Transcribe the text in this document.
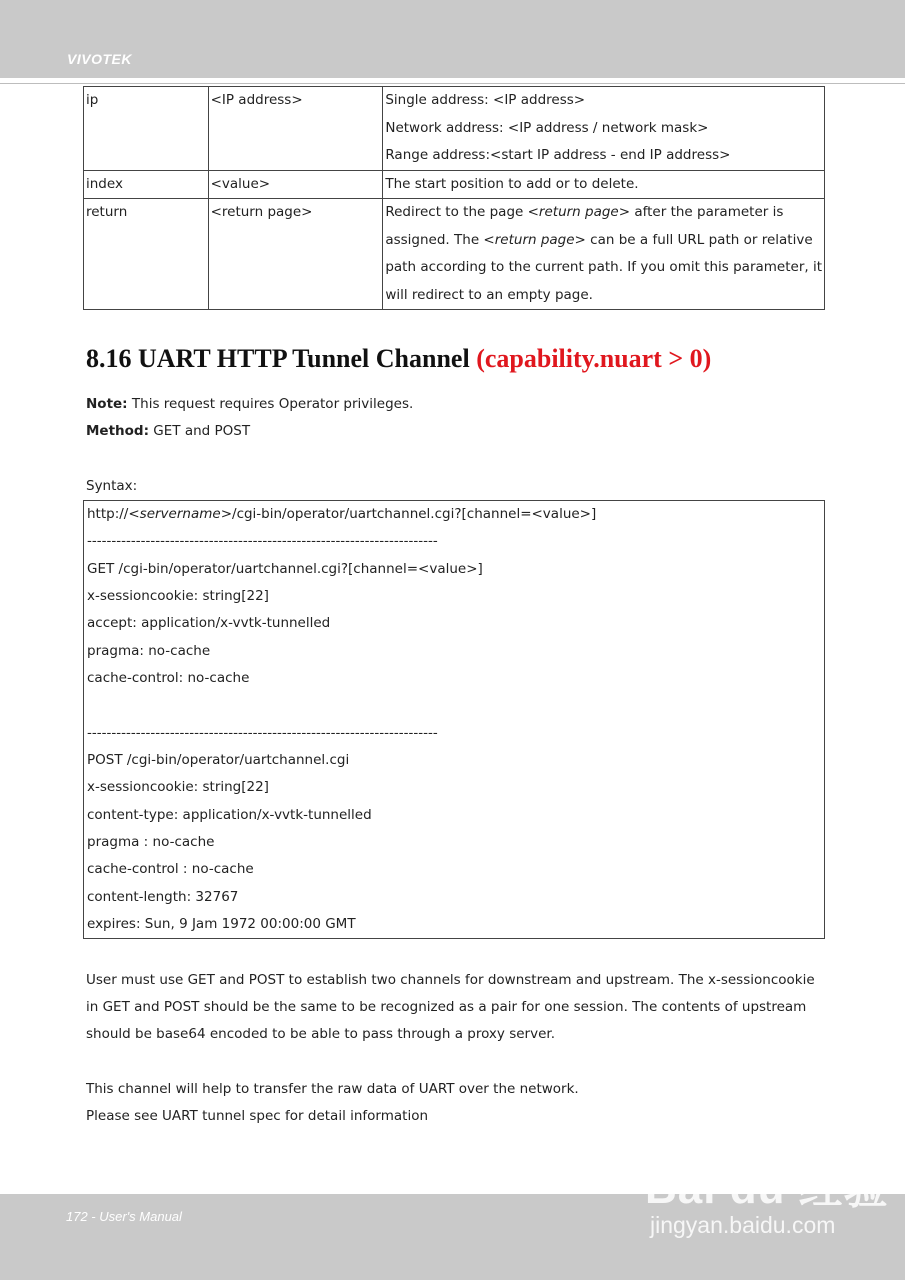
VIVOTEK
ip	<IP address>	Single address: <IP address>
Network address: <IP address / network mask>
Range address:<start IP address - end IP address>

index	<value>	The start position to add or to delete.

return	<return page>	Redirect to the page <return page> after the parameter is
assigned. The <return page> can be a full URL path or relative
path according to the current path. If you omit this parameter, it
will redirect to an empty page.
8.16 UART HTTP Tunnel Channel (capability.nuart > 0)
Note: This request requires Operator privileges.
Method: GET and POST
Syntax:
http://<servername>/cgi-bin/operator/uartchannel.cgi?[channel=<value>]
------------------------------------------------------------------------
GET /cgi-bin/operator/uartchannel.cgi?[channel=<value>]
x-sessioncookie: string[22]
accept: application/x-vvtk-tunnelled
pragma: no-cache
cache-control: no-cache
------------------------------------------------------------------------
POST /cgi-bin/operator/uartchannel.cgi
x-sessioncookie: string[22]
content-type: application/x-vvtk-tunnelled
pragma : no-cache
cache-control : no-cache
content-length: 32767
expires: Sun, 9 Jam 1972 00:00:00 GMT
User must use GET and POST to establish two channels for downstream and upstream. The x-sessioncookie
in GET and POST should be the same to be recognized as a pair for one session. The contents of upstream
should be base64 encoded to be able to pass through a proxy server.
This channel will help to transfer the raw data of UART over the network.
Please see UART tunnel spec for detail information
172 - User's Manual
Bai du 经验
jingyan.baidu.com
